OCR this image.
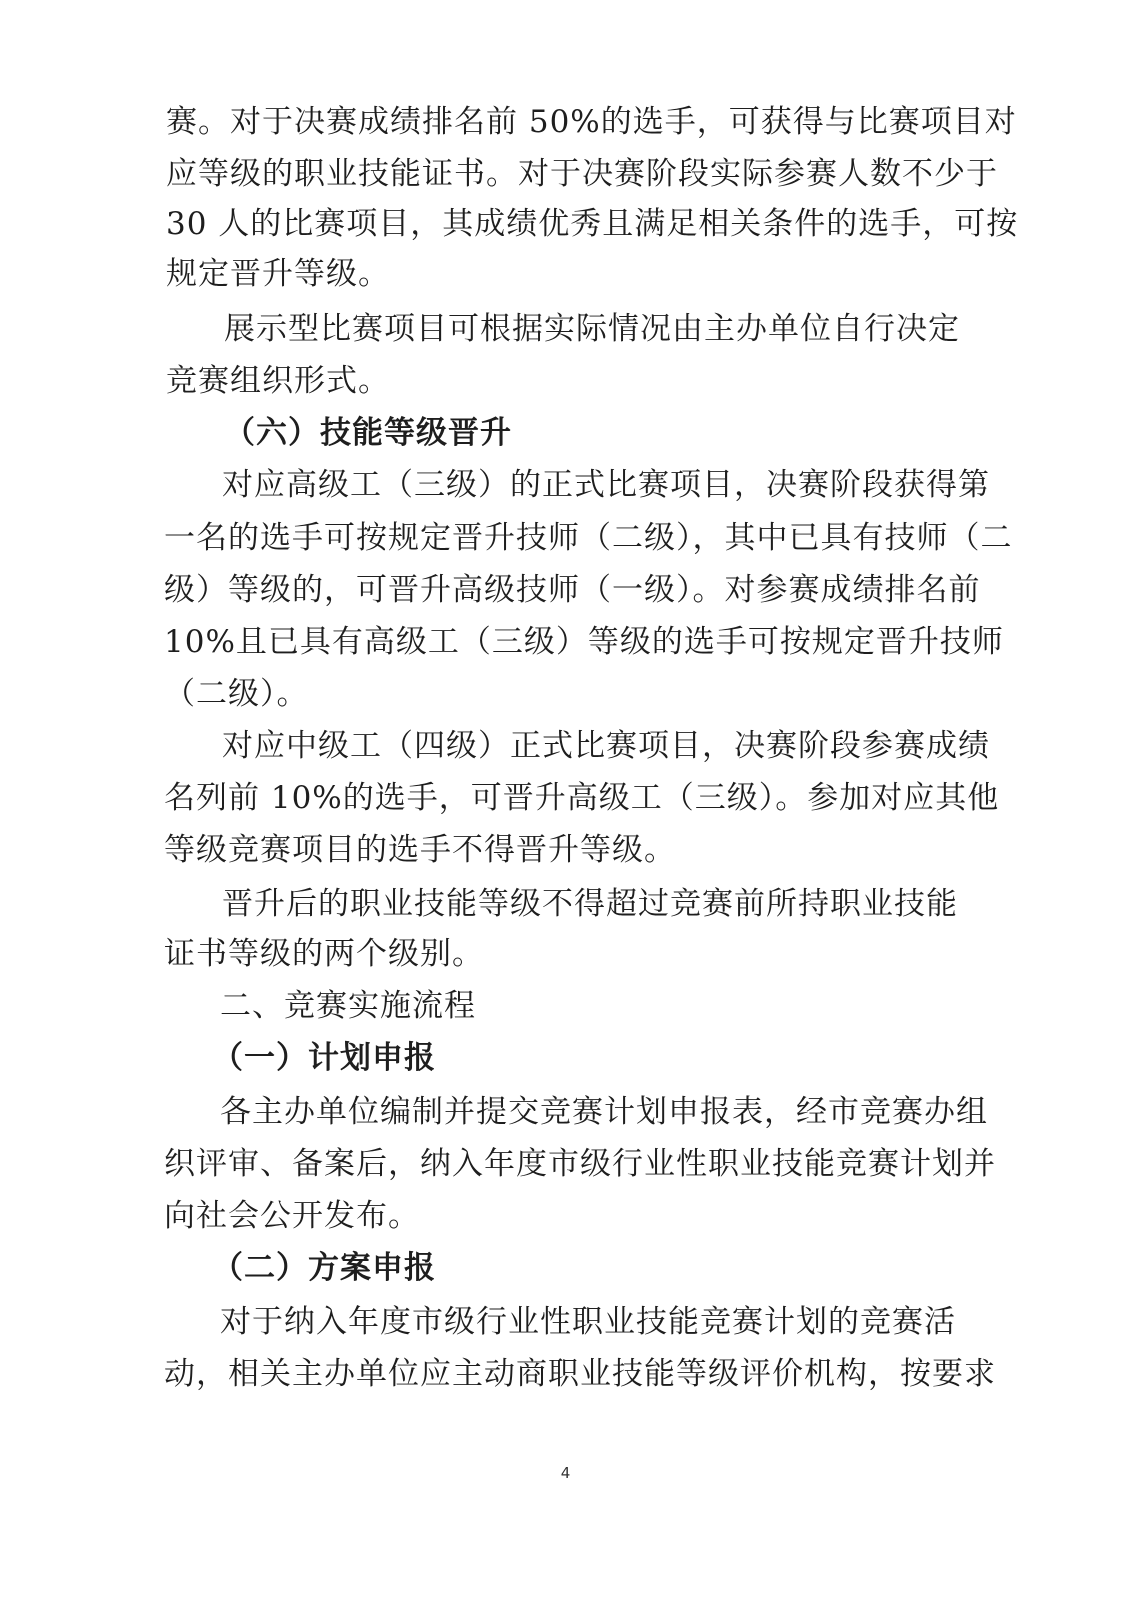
赛。对于决赛成绩排名前 50%的选手，可获得与比赛项目对
应等级的职业技能证书。对于决赛阶段实际参赛人数不少于
30 人的比赛项目，其成绩优秀且满足相关条件的选手，可按
规定晋升等级。
展示型比赛项目可根据实际情况由主办单位自行决定
竞赛组织形式。
（六）技能等级晋升
对应高级工（三级）的正式比赛项目，决赛阶段获得第
一名的选手可按规定晋升技师（二级），其中已具有技师（二
级）等级的，可晋升高级技师（一级）。对参赛成绩排名前
10%且已具有高级工（三级）等级的选手可按规定晋升技师
（二级）。
对应中级工（四级）正式比赛项目，决赛阶段参赛成绩
名列前 10%的选手，可晋升高级工（三级）。参加对应其他
等级竞赛项目的选手不得晋升等级。
晋升后的职业技能等级不得超过竞赛前所持职业技能
证书等级的两个级别。
二、竞赛实施流程
（一）计划申报
各主办单位编制并提交竞赛计划申报表，经市竞赛办组
织评审、备案后，纳入年度市级行业性职业技能竞赛计划并
向社会公开发布。
（二）方案申报
对于纳入年度市级行业性职业技能竞赛计划的竞赛活
动，相关主办单位应主动商职业技能等级评价机构，按要求
4
